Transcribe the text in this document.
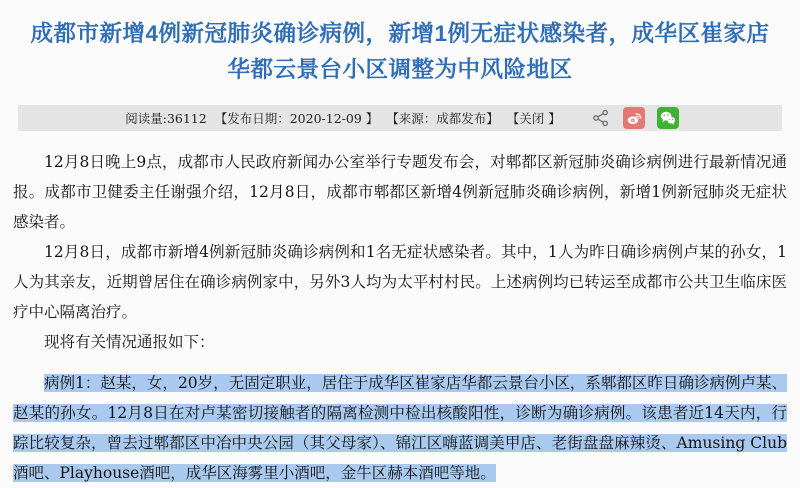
成都市新增4例新冠肺炎确诊病例，新增1例无症状感染者，成华区崔家店华都云景台小区调整为中风险地区
阅读量:36112 【发布日期：2020-12-09 】 【来源：成都发布】 【关闭 】

12月8日晚上9点，成都市人民政府新闻办公室举行专题发布会，对郫都区新冠肺炎确诊病例进行最新情况通报。成都市卫健委主任谢强介绍，12月8日，成都市郫都区新增4例新冠肺炎确诊病例，新增1例新冠肺炎无症状感染者。

12月8日，成都市新增4例新冠肺炎确诊病例和1名无症状感染者。其中，1人为昨日确诊病例卢某的孙女，1人为其亲友，近期曾居住在确诊病例家中，另外3人均为太平村村民。上述病例均已转运至成都市公共卫生临床医疗中心隔离治疗。

现将有关情况通报如下：

病例1：赵某，女，20岁，无固定职业，居住于成华区崔家店华都云景台小区，系郫都区昨日确诊病例卢某、赵某的孙女。12月8日在对卢某密切接触者的隔离检测中检出核酸阳性，诊断为确诊病例。该患者近14天内，行踪比较复杂，曾去过郫都区中冶中央公园（其父母家）、锦江区嗨蓝调美甲店、老街盘盘麻辣烫、Amusing Club酒吧、Playhouse酒吧，成华区海雾里小酒吧，金牛区赫本酒吧等地。
